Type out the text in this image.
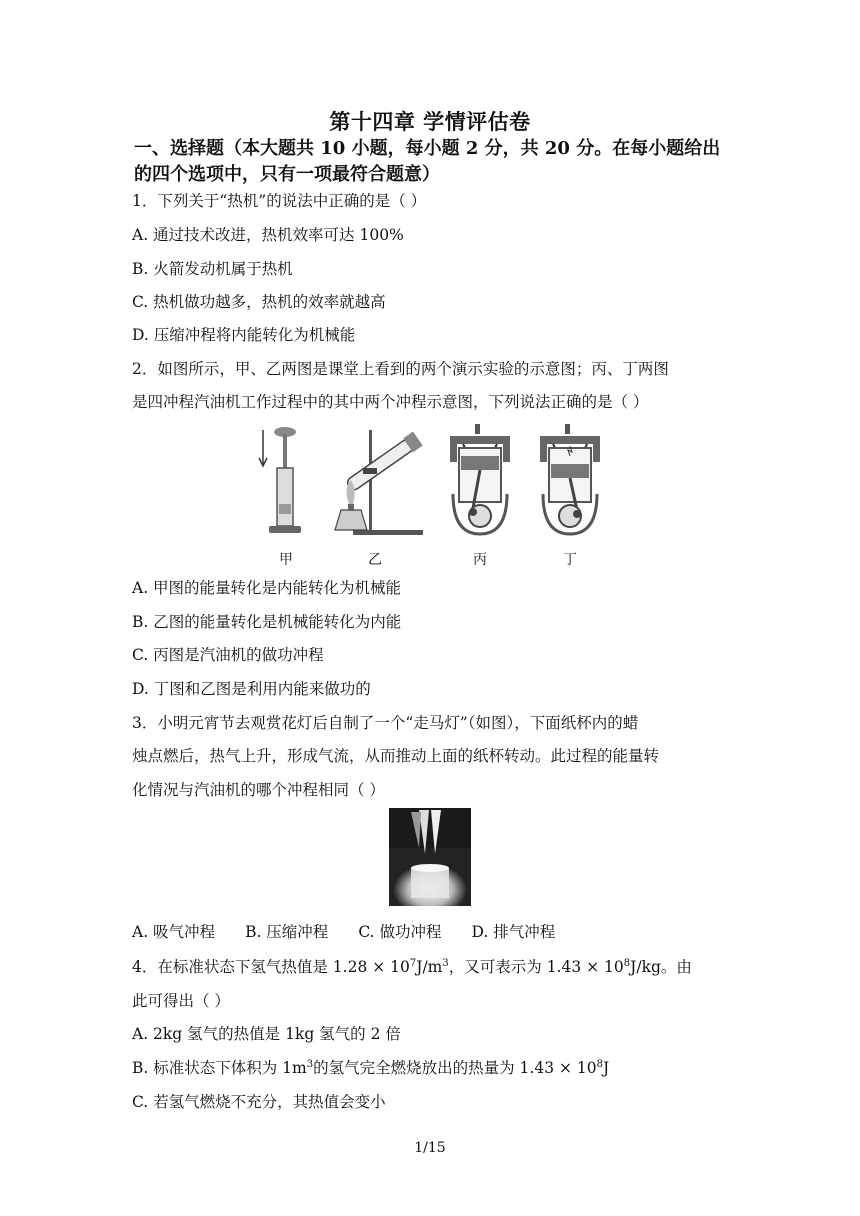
第十四章 学情评估卷
一、选择题（本大题共 10 小题，每小题 2 分，共 20 分。在每小题给出的四个选项中，只有一项最符合题意）
1．下列关于“热机”的说法中正确的是（ ）
A. 通过技术改进，热机效率可达 100%
B. 火箭发动机属于热机
C. 热机做功越多，热机的效率就越高
D. 压缩冲程将内能转化为机械能
2．如图所示，甲、乙两图是课堂上看到的两个演示实验的示意图；丙、丁两图
是四冲程汽油机工作过程中的其中两个冲程示意图，下列说法正确的是（ ）
甲	乙	丙	丁
A. 甲图的能量转化是内能转化为机械能
B. 乙图的能量转化是机械能转化为内能
C. 丙图是汽油机的做功冲程
D. 丁图和乙图是利用内能来做功的
3．小明元宵节去观赏花灯后自制了一个“走马灯”（如图），下面纸杯内的蜡
烛点燃后，热气上升，形成气流，从而推动上面的纸杯转动。此过程的能量转
化情况与汽油机的哪个冲程相同（ ）
A. 吸气冲程 B. 压缩冲程 C. 做功冲程 D. 排气冲程
4．在标准状态下氢气热值是 $1.28 \times 10^7J/m^3$，又可表示为 $1.43 \times 10^8J/kg$。由
此可得出（ ）
A. 2kg 氢气的热值是 1kg 氢气的 2 倍
B. 标准状态下体积为 $1m^3$的氢气完全燃烧放出的热量为 $1.43 \times 10^8J$
C. 若氢气燃烧不充分，其热值会变小
1/15
